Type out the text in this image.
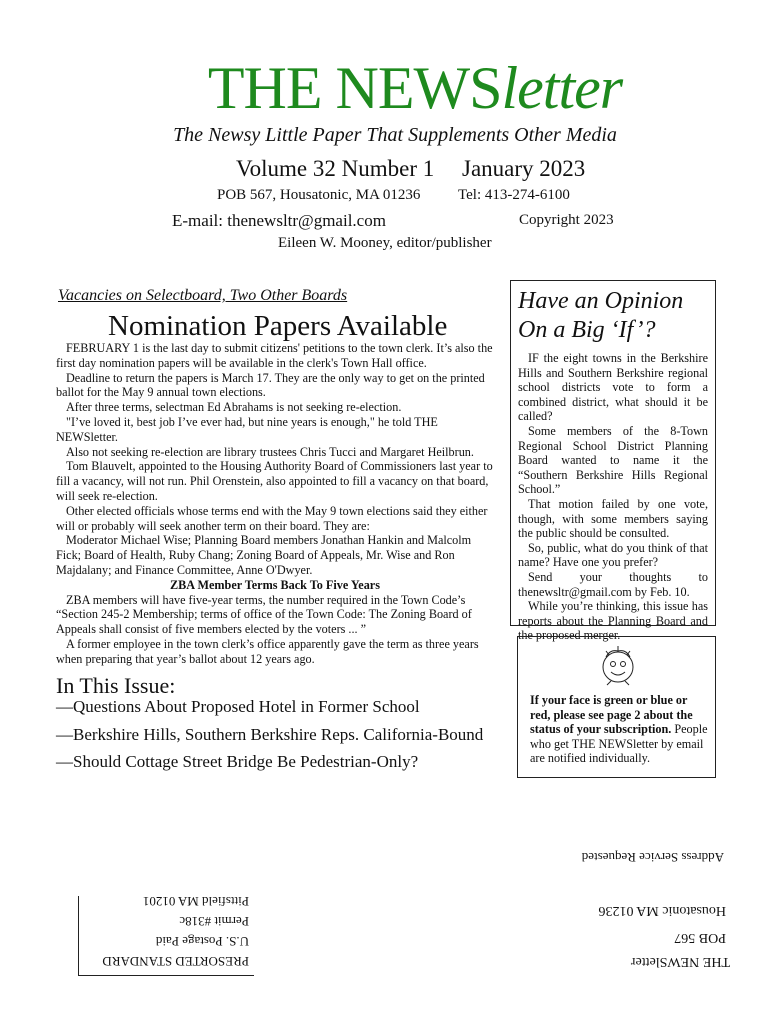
THE NEWSletter
The Newsy Little Paper That Supplements Other Media
Volume 32 Number 1 January 2023
POB 567, Housatonic, MA 01236	Tel: 413-274-6100
E-mail: thenewsltr@gmail.com	Copyright 2023
Eileen W. Mooney, editor/publisher
Vacancies on Selectboard, Two Other Boards
Nomination Papers Available

FEBRUARY 1 is the last day to submit citizens' petitions to the town clerk. It’s also the first day nomination papers will be available in the clerk's Town Hall office.

Deadline to return the papers is March 17. They are the only way to get on the printed ballot for the May 9 annual town elections.

After three terms, selectman Ed Abrahams is not seeking re-election.

"I’ve loved it, best job I’ve ever had, but nine years is enough," he told THE NEWSletter.

Also not seeking re-election are library trustees Chris Tucci and Margaret Heilbrun.

Tom Blauvelt, appointed to the Housing Authority Board of Commissioners last year to fill a vacancy, will not run. Phil Orenstein, also appointed to fill a vacancy on that board, will seek re-election.

Other elected officials whose terms end with the May 9 town elections said they either will or probably will seek another term on their board. They are:

Moderator Michael Wise; Planning Board members Jonathan Hankin and Malcolm Fick; Board of Health, Ruby Chang; Zoning Board of Appeals, Mr. Wise and Ron Majdalany; and Finance Committee, Anne O'Dwyer.

ZBA Member Terms Back To Five Years

ZBA members will have five-year terms, the number required in the Town Code’s “Section 245-2 Membership; terms of office of the Town Code: The Zoning Board of Appeals shall consist of five members elected by the voters ... ”

A former employee in the town clerk’s office apparently gave the term as three years when preparing that year’s ballot about 12 years ago.

Have an Opinion
On a Big ‘If’?

IF the eight towns in the Berkshire Hills and Southern Berkshire regional school districts vote to form a combined district, what should it be called?

Some members of the 8-Town Regional School District Planning Board wanted to name it the “Southern Berkshire Hills Regional School.”

That motion failed by one vote, though, with some members saying the public should be consulted.

So, public, what do you think of that name? Have one you prefer?

Send your thoughts to thenewsltr@gmail.com by Feb. 10.

While you’re thinking, this issue has reports about the Planning Board and the proposed merger.

In This Issue:
—Questions About Proposed Hotel in Former School
—Berkshire Hills, Southern Berkshire Reps. California-Bound
—Should Cottage Street Bridge Be Pedestrian-Only?
If your face is green or blue or red, please see page 2 about the status of your subscription. People who get THE NEWSletter by email are notified individually.
Address Service Requested
THE NEWSletter
POB 567
Housatonic MA 01236
PRESORTED STANDARD
U.S. Postage Paid
Permit #318c
Pittsfield MA 01201
